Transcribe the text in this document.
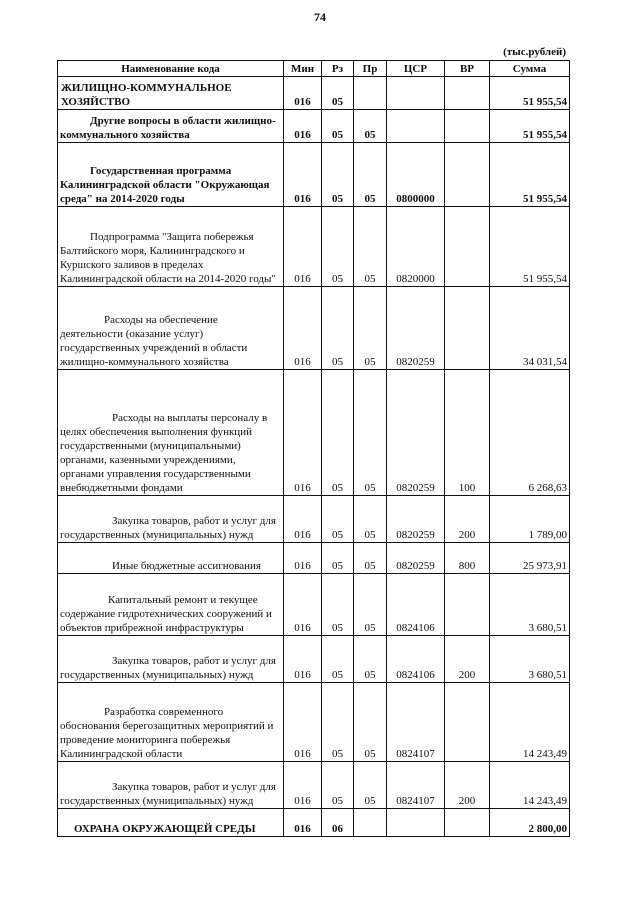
74
(тыс.рублей)
Наименование кода	Мин	Рз	Пр	ЦСР	ВР	Сумма
ЖИЛИЩНО-КОММУНАЛЬНОЕ ХОЗЯЙСТВО	016	05				51 955,54
Другие вопросы в области жилищно-коммунального хозяйства	016	05	05			51 955,54
Государственная программа Калининградской области "Окружающая среда" на 2014-2020 годы	016	05	05	0800000		51 955,54
Подпрограмма "Защита побережья Балтийского моря, Калининградского и Куршского заливов в пределах Калининградской области на 2014-2020 годы"	016	05	05	0820000		51 955,54
Расходы на обеспечение деятельности (оказание услуг) государственных учреждений в области жилищно-коммунального хозяйства	016	05	05	0820259		34 031,54
Расходы на выплаты персоналу в целях обеспечения выполнения функций государственными (муниципальными) органами, казенными учреждениями, органами управления государственными внебюджетными фондами	016	05	05	0820259	100	6 268,63
Закупка товаров, работ и услуг для государственных (муниципальных) нужд	016	05	05	0820259	200	1 789,00
Иные бюджетные ассигнования	016	05	05	0820259	800	25 973,91
Капитальный ремонт и текущее содержание гидротехнических сооружений и объектов прибрежной инфраструктуры	016	05	05	0824106		3 680,51
Закупка товаров, работ и услуг для государственных (муниципальных) нужд	016	05	05	0824106	200	3 680,51
Разработка современного обоснования берегозащитных мероприятий и проведение мониторинга побережья Калининградской области	016	05	05	0824107		14 243,49
Закупка товаров, работ и услуг для государственных (муниципальных) нужд	016	05	05	0824107	200	14 243,49
ОХРАНА ОКРУЖАЮЩЕЙ СРЕДЫ	016	06				2 800,00
